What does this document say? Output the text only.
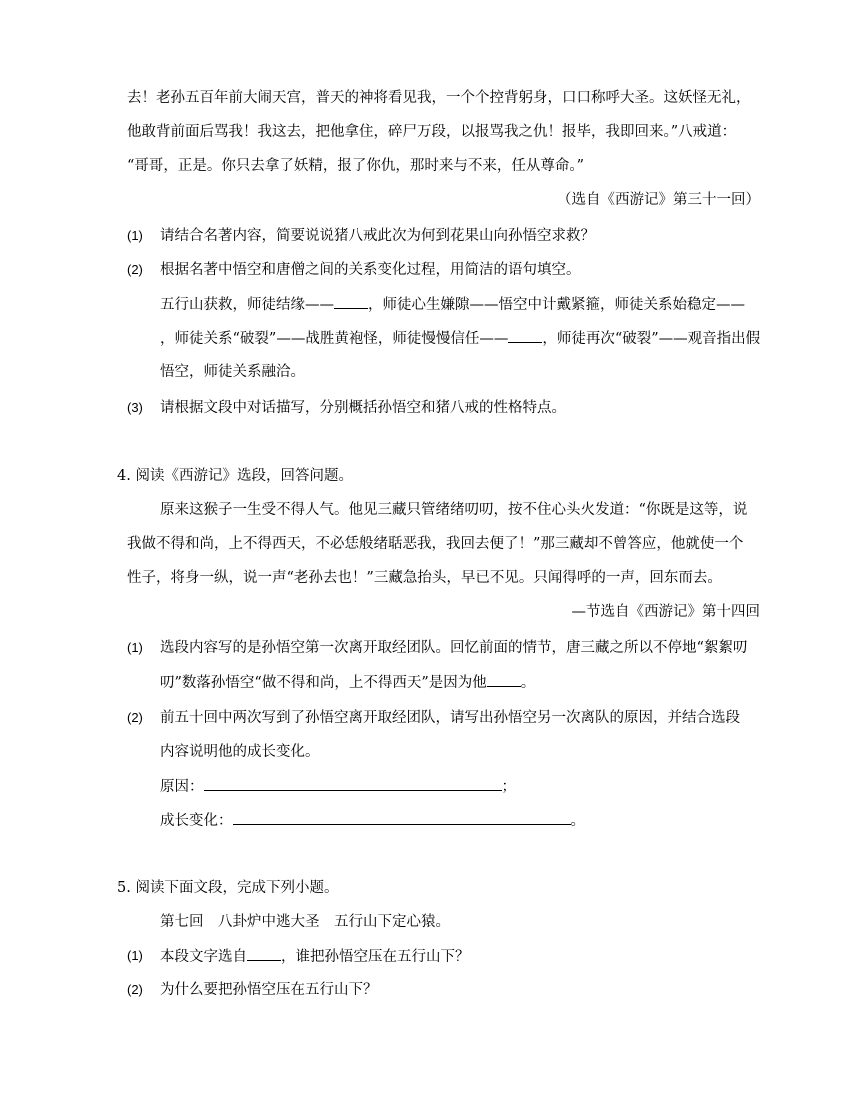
去！老孙五百年前大闹天宫，普天的神将看见我，一个个控背躬身，口口称呼大圣。这妖怪无礼，
他敢背前面后骂我！我这去，把他拿住，碎尸万段，以报骂我之仇！报毕，我即回来。”八戒道：
“哥哥，正是。你只去拿了妖精，报了你仇，那时来与不来，任从尊命。”
（选自《西游记》第三十一回）
(1) 请结合名著内容，简要说说猪八戒此次为何到花果山向孙悟空求救？
(2) 根据名著中悟空和唐僧之间的关系变化过程，用简洁的语句填空。
五行山获救，师徒结缘—— ，师徒心生嫌隙——悟空中计戴紧箍，师徒关系始稳定——
，师徒关系“破裂”——战胜黄袍怪，师徒慢慢信任—— ，师徒再次“破裂”——观音指出假
悟空，师徒关系融洽。
(3) 请根据文段中对话描写，分别概括孙悟空和猪八戒的性格特点。
4. 阅读《西游记》选段，回答问题。
原来这猴子一生受不得人气。他见三藏只管绪绪叨叨，按不住心头火发道：“你既是这等，说
我做不得和尚，上不得西天，不必恁般绪聒恶我，我回去便了！”那三藏却不曾答应，他就使一个
性子，将身一纵，说一声“老孙去也！”三藏急抬头，早已不见。只闻得呼的一声，回东而去。
—节选自《西游记》第十四回
(1) 选段内容写的是孙悟空第一次离开取经团队。回忆前面的情节，唐三藏之所以不停地“絮絮叨
叨”数落孙悟空“做不得和尚，上不得西天”是因为他 。
(2) 前五十回中两次写到了孙悟空离开取经团队，请写出孙悟空另一次离队的原因，并结合选段
内容说明他的成长变化。
原因：	；
成长变化：	。
5. 阅读下面文段，完成下列小题。
第七回　八卦炉中逃大圣　五行山下定心猿。
(1) 本段文字选自 ，谁把孙悟空压在五行山下？
(2) 为什么要把孙悟空压在五行山下？
